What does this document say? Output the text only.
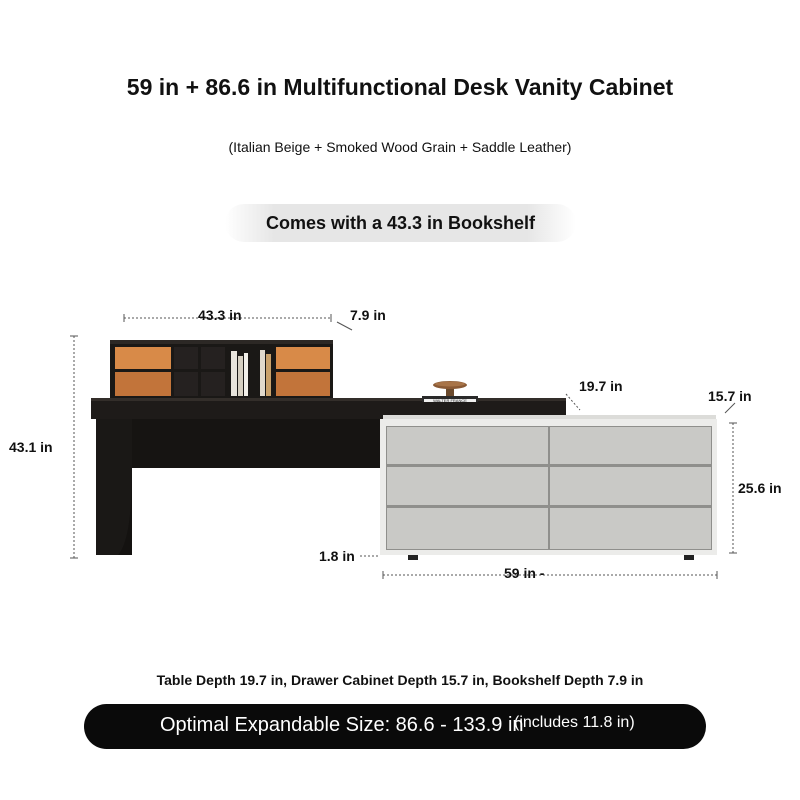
59 in + 86.6 in Multifunctional Desk Vanity Cabinet
(Italian Beige + Smoked Wood Grain + Saddle Leather)
Comes with a 43.3 in Bookshelf
WALTER FRANCE
43.3 in	7.9 in
43.1 in
19.7 in
15.7 in
25.6 in
1.8 in
59 in -
Table Depth 19.7 in, Drawer Cabinet Depth 15.7 in, Bookshelf Depth 7.9 in
Optimal Expandable Size: 86.6 - 133.9 in
(includes 11.8 in)
